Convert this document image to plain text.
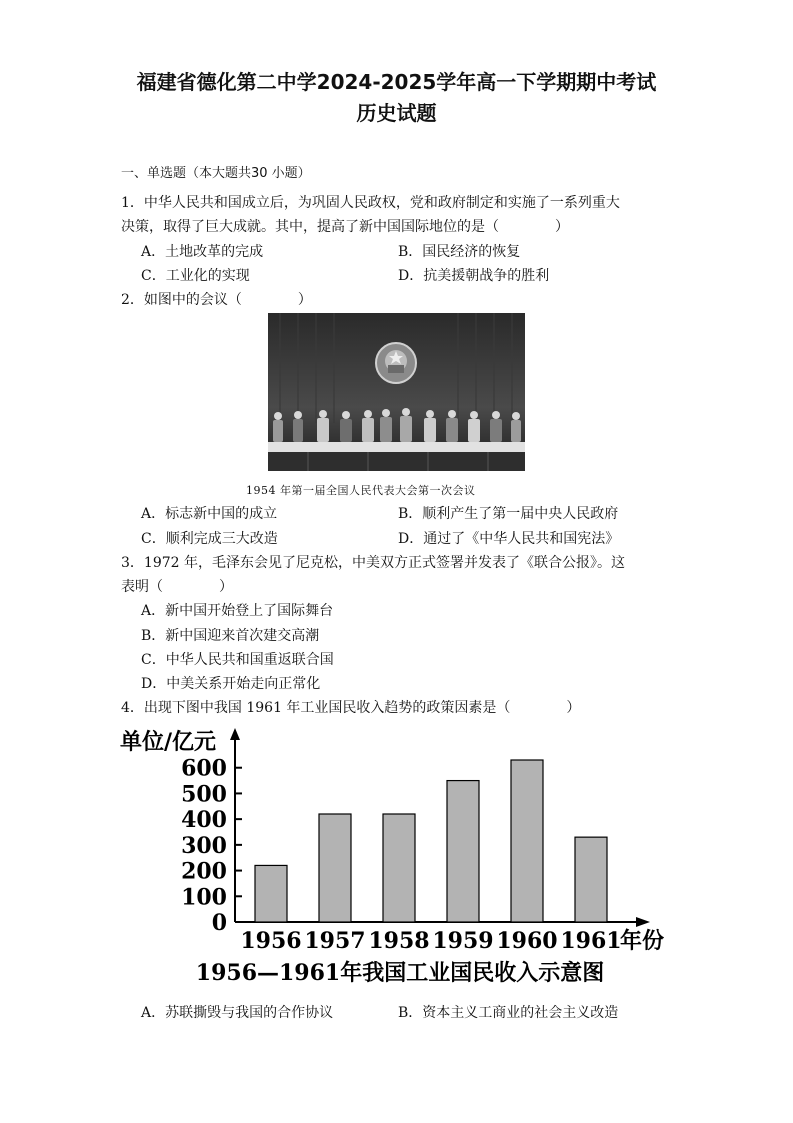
福建省德化第二中学2024-2025学年高一下学期期中考试
历史试题
一、单选题（本大题共30 小题）
1．中华人民共和国成立后，为巩固人民政权，党和政府制定和实施了一系列重大
决策，取得了巨大成就。其中，提高了新中国国际地位的是（　　　　）
A．土地改革的完成	B．国民经济的恢复
C．工业化的实现	D．抗美援朝战争的胜利
2．如图中的会议（　　　　）
1954 年第一届全国人民代表大会第一次会议
A．标志新中国的成立	B．顺利产生了第一届中央人民政府
C．顺利完成三大改造	D．通过了《中华人民共和国宪法》
3．1972 年，毛泽东会见了尼克松，中美双方正式签署并发表了《联合公报》。这
表明（　　　　）
A．新中国开始登上了国际舞台
B．新中国迎来首次建交高潮
C．中华人民共和国重返联合国
D．中美关系开始走向正常化
4．出现下图中我国 1961 年工业国民收入趋势的政策因素是（　　　　）
单位/亿元
年份
1956—1961年我国工业国民收入示意图
0
100
200
300
400
500
600
1956 1957 1958 1959 1960 1961
A．苏联撕毁与我国的合作协议	B．资本主义工商业的社会主义改造
